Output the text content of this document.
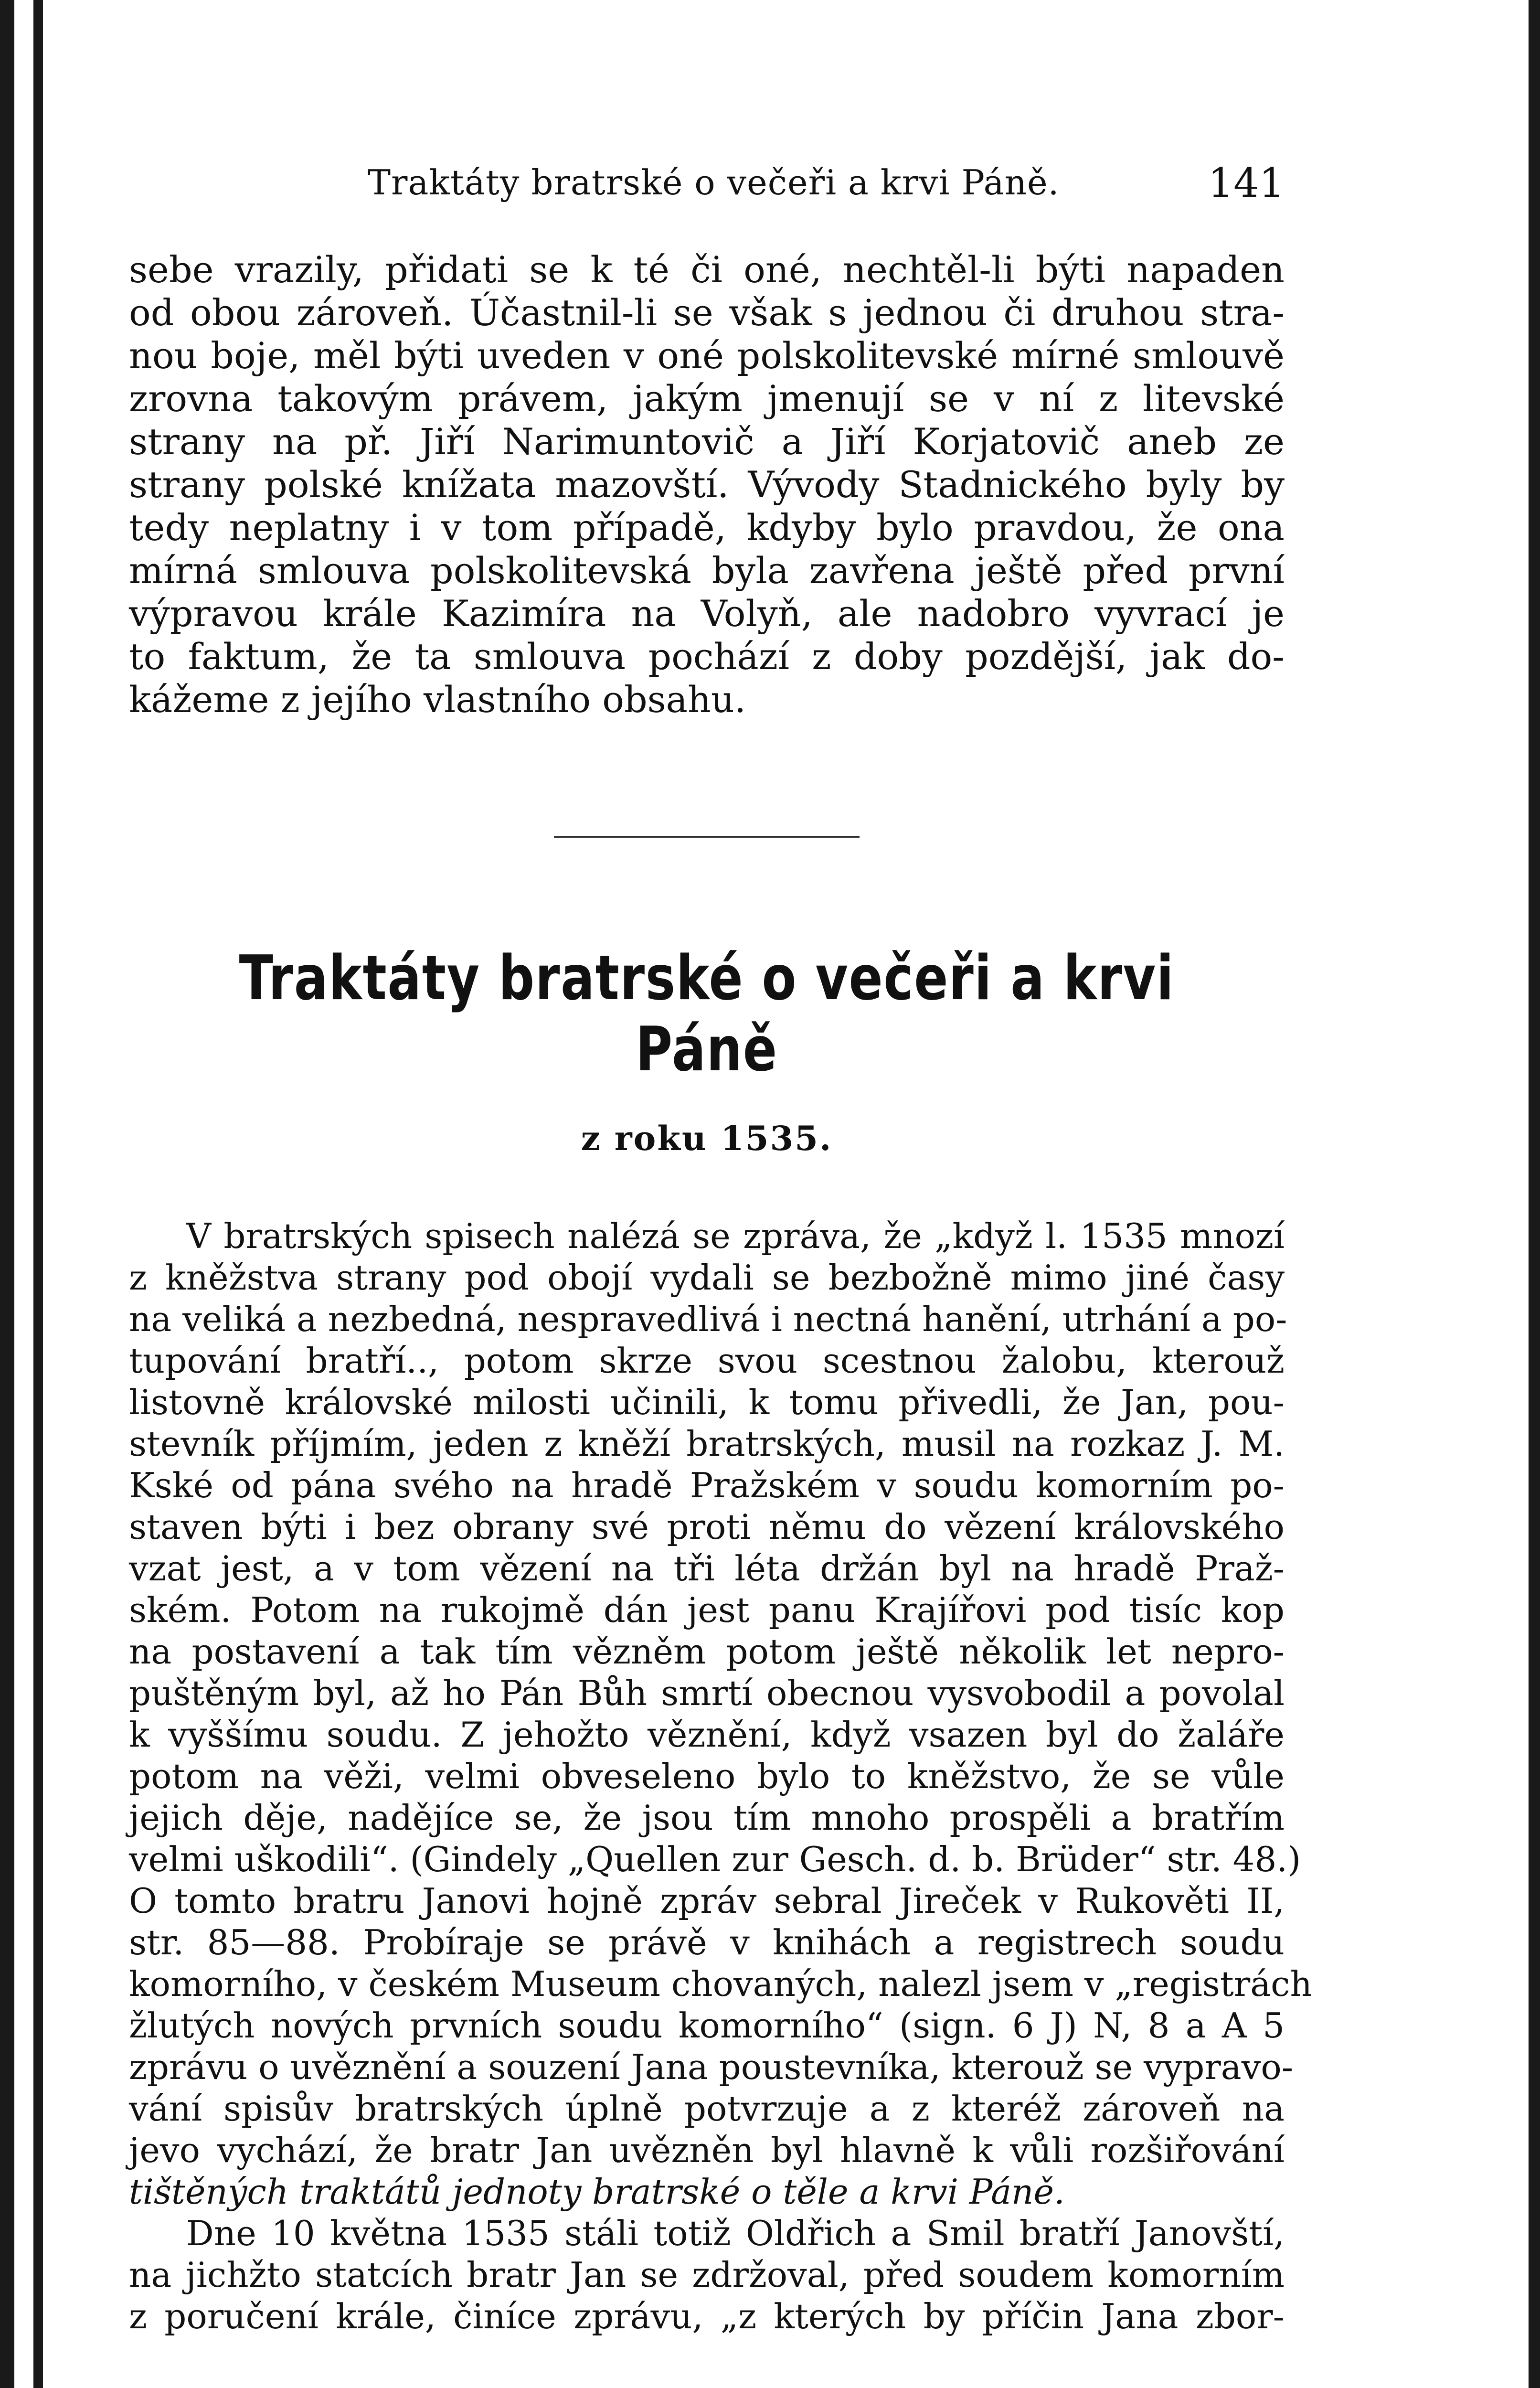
Traktáty bratrské o večeři a krvi Páně.	141

sebe vrazily, přidati se k té či oné, nechtěl-li býti napaden
od obou zároveň. Účastnil-li se však s jednou či druhou stra-
nou boje, měl býti uveden v oné polskolitevské mírné smlouvě
zrovna takovým právem, jakým jmenují se v ní z litevské
strany na př. Jiří Narimuntovič a Jiří Korjatovič aneb ze
strany polské knížata mazovští. Vývody Stadnického byly by
tedy neplatny i v tom případě, kdyby bylo pravdou, že ona
mírná smlouva polskolitevská byla zavřena ještě před první
výpravou krále Kazimíra na Volyň, ale nadobro vyvrací je
to faktum, že ta smlouva pochází z doby pozdější, jak do-
kážeme z jejího vlastního obsahu.

Traktáty bratrské o večeři a krvi Páně
z roku 1535.

V bratrských spisech nalézá se zpráva, že „když l. 1535 mnozí
z kněžstva strany pod obojí vydali se bezbožně mimo jiné časy
na veliká a nezbedná, nespravedlivá i nectná hanění, utrhání a po-
tupování bratří.., potom skrze svou scestnou žalobu, kterouž
listovně královské milosti učinili, k tomu přivedli, že Jan, pou-
stevník příjmím, jeden z kněží bratrských, musil na rozkaz J. M.
Kské od pána svého na hradě Pražském v soudu komorním po-
staven býti i bez obrany své proti němu do vězení královského
vzat jest, a v tom vězení na tři léta držán byl na hradě Praž-
ském. Potom na rukojmě dán jest panu Krajířovi pod tisíc kop
na postavení a tak tím vězněm potom ještě několik let nepro-
puštěným byl, až ho Pán Bůh smrtí obecnou vysvobodil a povolal
k vyššímu soudu. Z jehožto věznění, když vsazen byl do žaláře
potom na věži, velmi obveseleno bylo to kněžstvo, že se vůle
jejich děje, nadějíce se, že jsou tím mnoho prospěli a bratřím
velmi uškodili“. (Gindely „Quellen zur Gesch. d. b. Brüder“ str. 48.)
O tomto bratru Janovi hojně zpráv sebral Jireček v Rukověti II,
str. 85—88. Probíraje se právě v knihách a registrech soudu
komorního, v českém Museum chovaných, nalezl jsem v „registrách
žlutých nových prvních soudu komorního“ (sign. 6 J) N, 8 a A 5
zprávu o uvěznění a souzení Jana poustevníka, kterouž se vypravo-
vání spisův bratrských úplně potvrzuje a z kteréž zároveň na
jevo vychází, že bratr Jan uvězněn byl hlavně k vůli rozšiřování
tištěných traktátů jednoty bratrské o těle a krvi Páně.

Dne 10 května 1535 stáli totiž Oldřich a Smil bratří Janovští,
na jichžto statcích bratr Jan se zdržoval, před soudem komorním
z poručení krále, činíce zprávu, „z kterých by příčin Jana zbor-
